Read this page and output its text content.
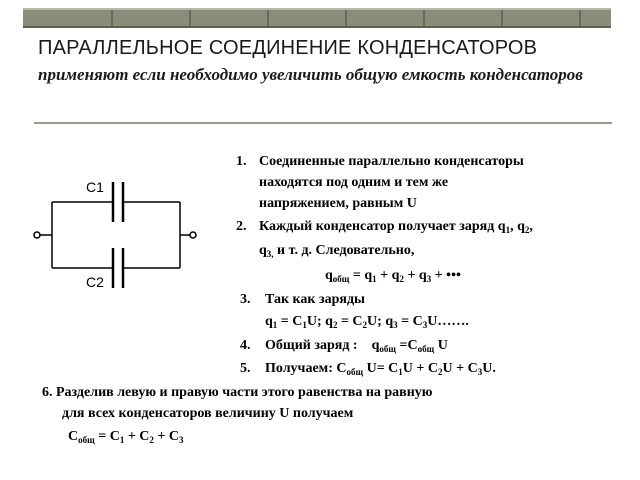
ПАРАЛЛЕЛЬНОЕ СОЕДИНЕНИЕ КОНДЕНСАТОРОВ
применяют если необходимо увеличить общую емкость конденсаторов
C1
C2
1. Соединенные параллельно конденсаторы
находятся под одним и тем же
напряжением, равным U
2. Каждый конденсатор получает заряд $q_1$, $q_2$,
$q_{3,}$ и т. д. Следовательно,
$q_{общ} = q_1 + q_2 + q_3$ + •••
3. Так как заряды
$q_1 = C_1U$; $q_2 = C_2U$; $q_3$ = $C_3U\dots\dots$.
4. Общий заряд :    $q_{общ} =C_{общ}$ U
5. Получаем: $С_{общ}$ $U= C_1U + C_2U + C_3U$.
6. Разделив левую и правую части этого равенства на равную
для всех конденсаторов величину U получаем
$C_{общ} = C_1 + C_2 + C_3$
